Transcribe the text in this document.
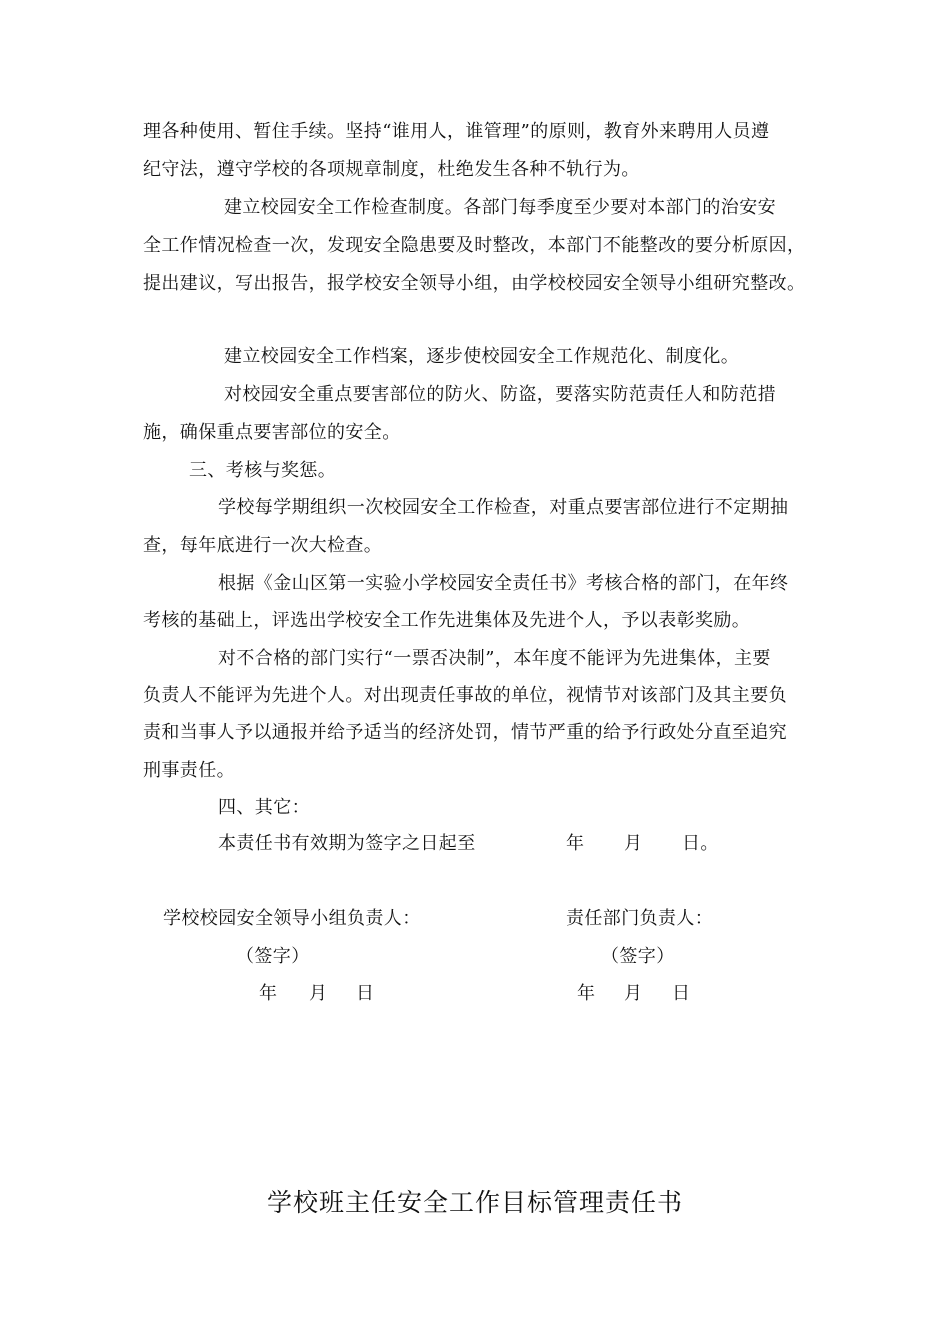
理各种使用、暂住手续。坚持“谁用人，谁管理”的原则，教育外来聘用人员遵
纪守法，遵守学校的各项规章制度，杜绝发生各种不轨行为。
建立校园安全工作检查制度。各部门每季度至少要对本部门的治安安
全工作情况检查一次，发现安全隐患要及时整改，本部门不能整改的要分析原因，
提出建议，写出报告，报学校安全领导小组，由学校校园安全领导小组研究整改。
建立校园安全工作档案，逐步使校园安全工作规范化、制度化。
对校园安全重点要害部位的防火、防盗，要落实防范责任人和防范措
施，确保重点要害部位的安全。
三、考核与奖惩。
学校每学期组织一次校园安全工作检查，对重点要害部位进行不定期抽
查，每年底进行一次大检查。
根据《金山区第一实验小学校园安全责任书》考核合格的部门，在年终
考核的基础上，评选出学校安全工作先进集体及先进个人，予以表彰奖励。
对不合格的部门实行“一票否决制”，本年度不能评为先进集体，主要
负责人不能评为先进个人。对出现责任事故的单位，视情节对该部门及其主要负
责和当事人予以通报并给予适当的经济处罚，情节严重的给予行政处分直至追究
刑事责任。
四、其它：
本责任书有效期为签字之日起至	年 月 日。
学校校园安全领导小组负责人：
（签字）
年 月 日
责任部门负责人：
（签字）
年 月 日
学校班主任安全工作目标管理责任书
